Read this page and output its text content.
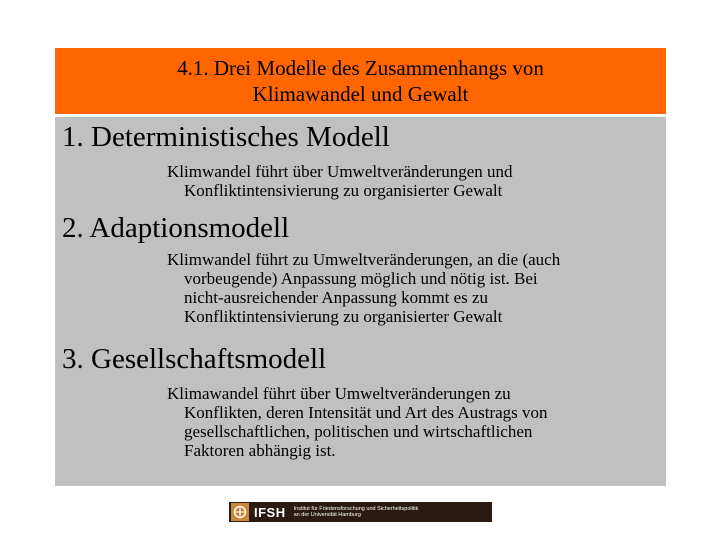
4.1. Drei Modelle des Zusammenhangs von
Klimawandel und Gewalt
1. Deterministisches Modell
Klimwandel führt über Umweltveränderungen und
Konfliktintensivierung zu organisierter Gewalt
2. Adaptionsmodell
Klimwandel führt zu Umweltveränderungen, an die (auch
vorbeugende) Anpassung möglich und nötig ist. Bei
nicht-ausreichender Anpassung kommt es zu
Konfliktintensivierung zu organisierter Gewalt
3. Gesellschaftsmodell
Klimawandel führt über Umweltveränderungen zu
Konflikten, deren Intensität und Art des Austrags von
gesellschaftlichen, politischen und wirtschaftlichen
Faktoren abhängig ist.
IFSH Institut für Friedensforschung und Sicherheitspolitik
an der Universität Hamburg
